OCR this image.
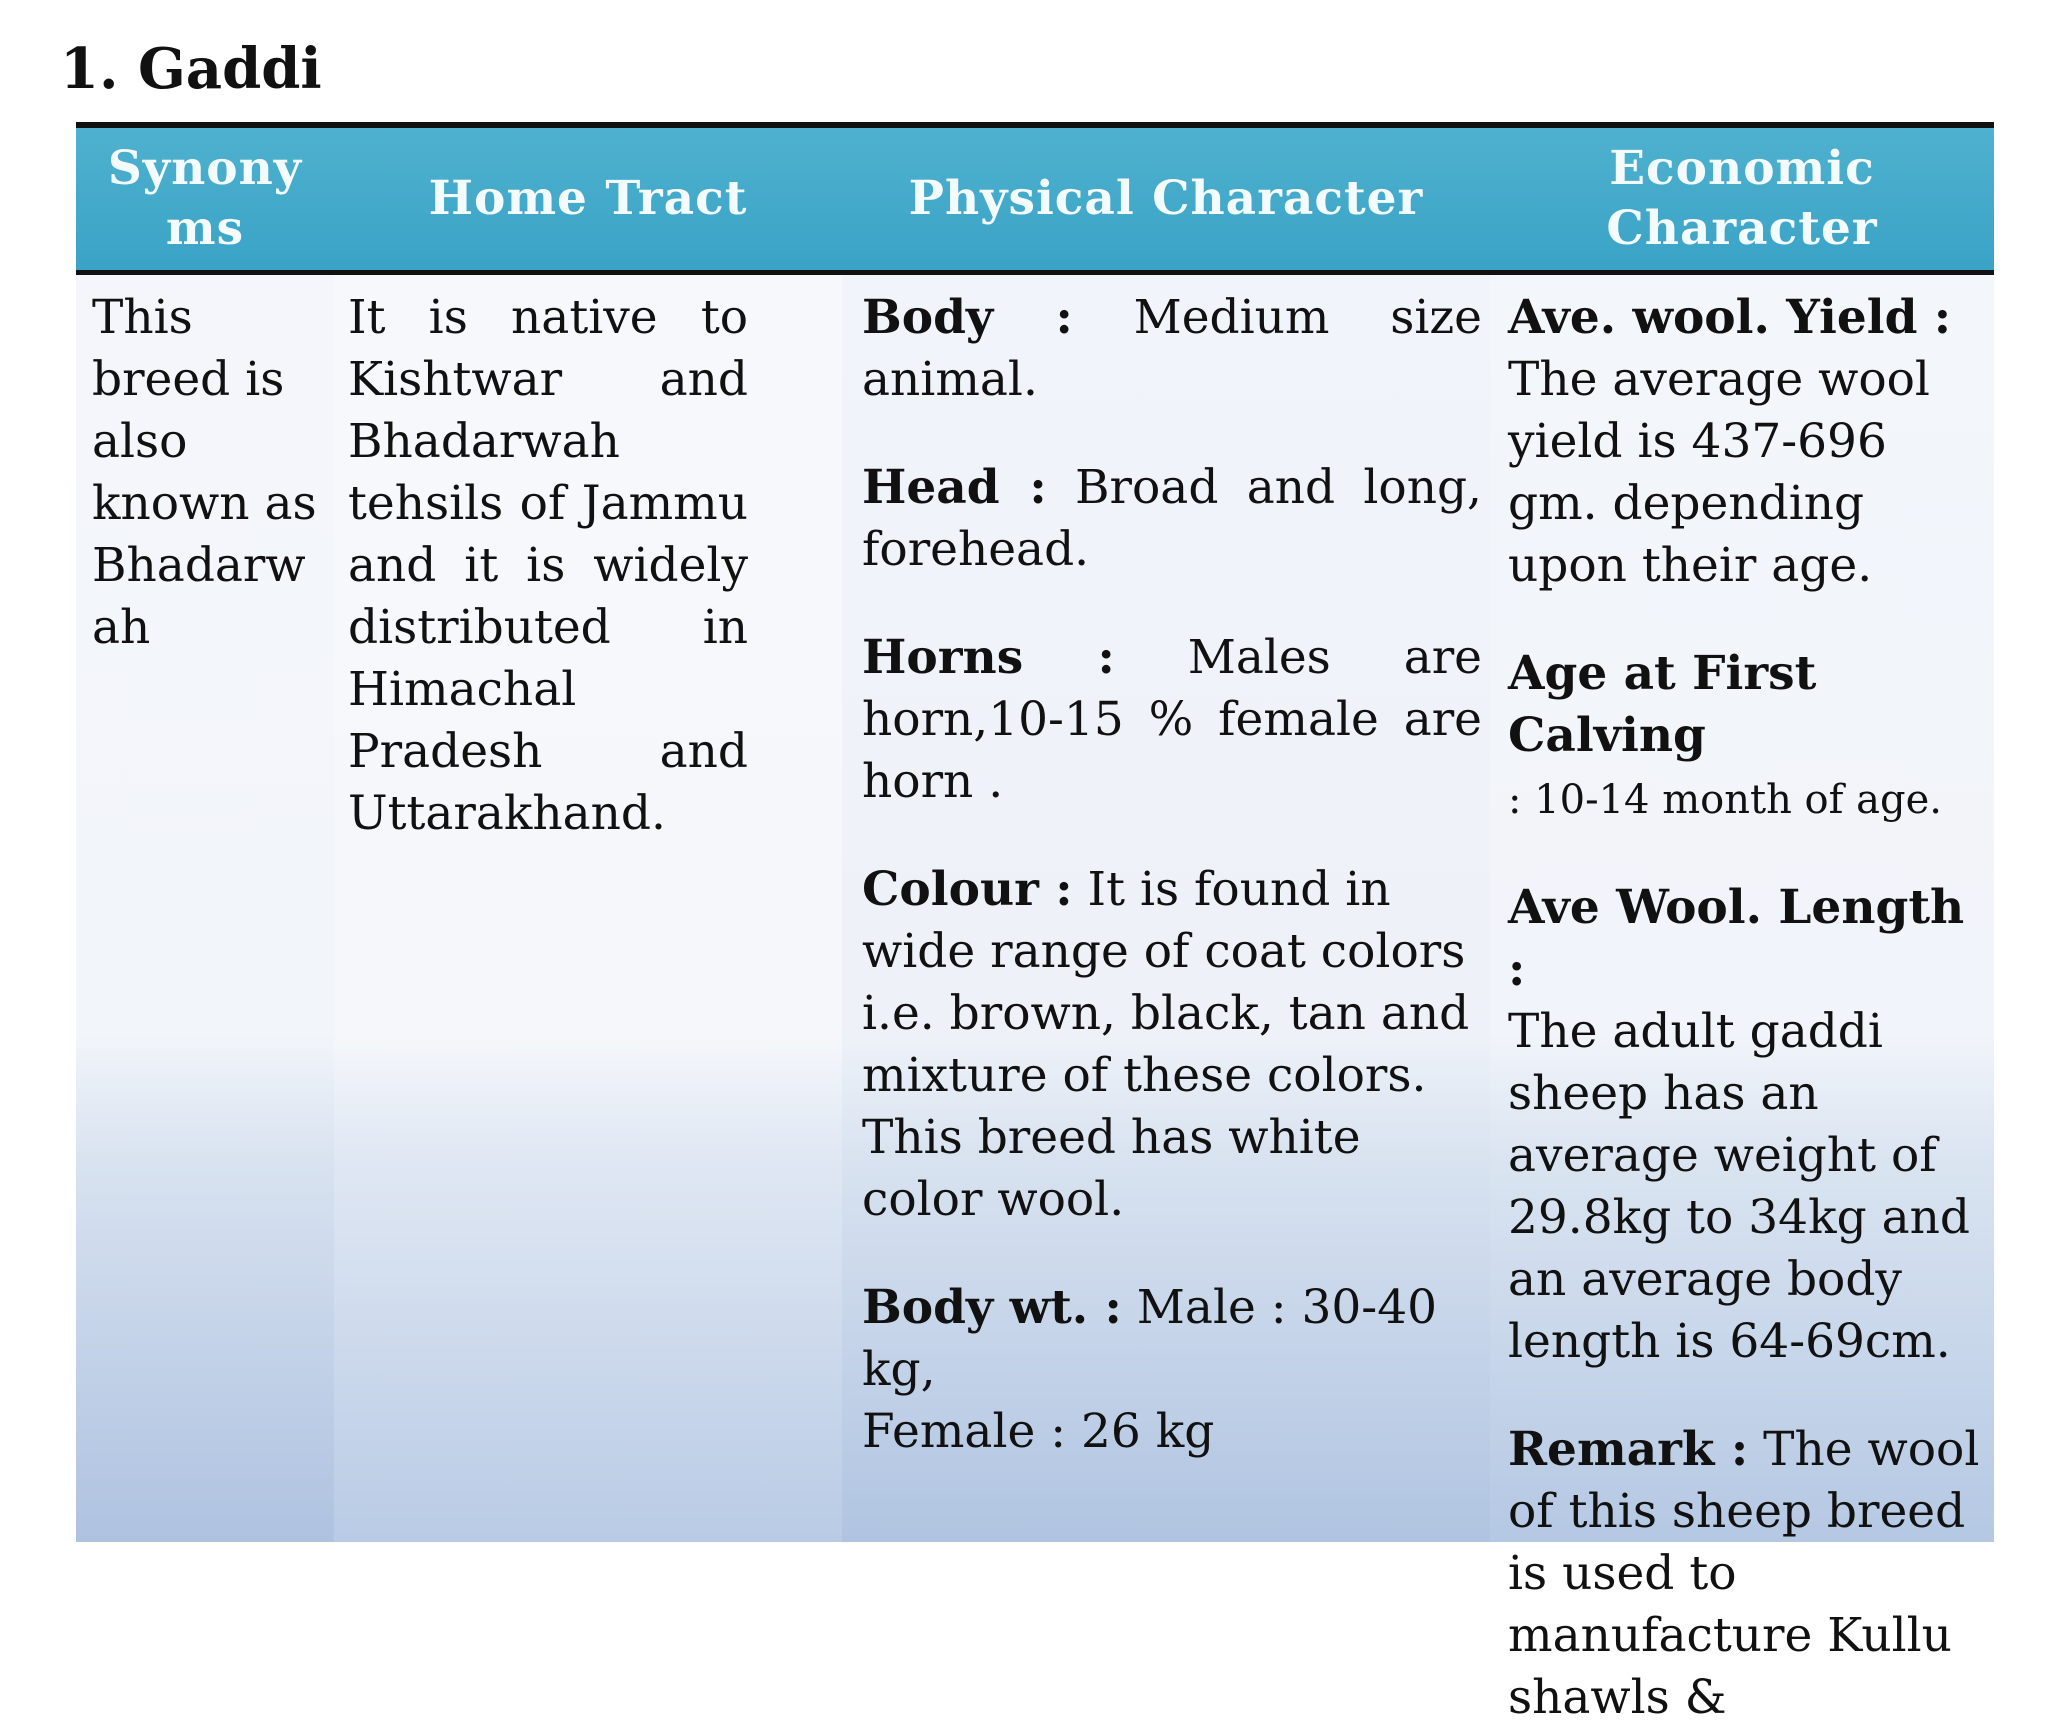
1. Gaddi
Synony ms
Home Tract	Physical Character
Economic Character

This breed is also known as Bhadarw ah

It is native to Kishtwar and Bhadarwah tehsils of Jammu and it is widely distributed in Himachal Pradesh and Uttarakhand.

Body : Medium size animal.

Head : Broad and long, forehead.

Horns : Males are horn,10-15 % female are horn .

Colour : It is found in wide range of coat colors i.e. brown, black, tan and mixture of these colors. This breed has white color wool.

Body wt. : Male : 30-40 kg,

Female : 26 kg

Ave. wool. Yield :
The average wool yield is 437-696 gm. depending upon their age.

Age at First Calving
: 10-14 month of age.

Ave Wool. Length :
The adult gaddi sheep has an average weight of 29.8kg to 34kg and an average body length is 64-69cm.

Remark : The wool of this sheep breed is used to manufacture Kullu shawls &
